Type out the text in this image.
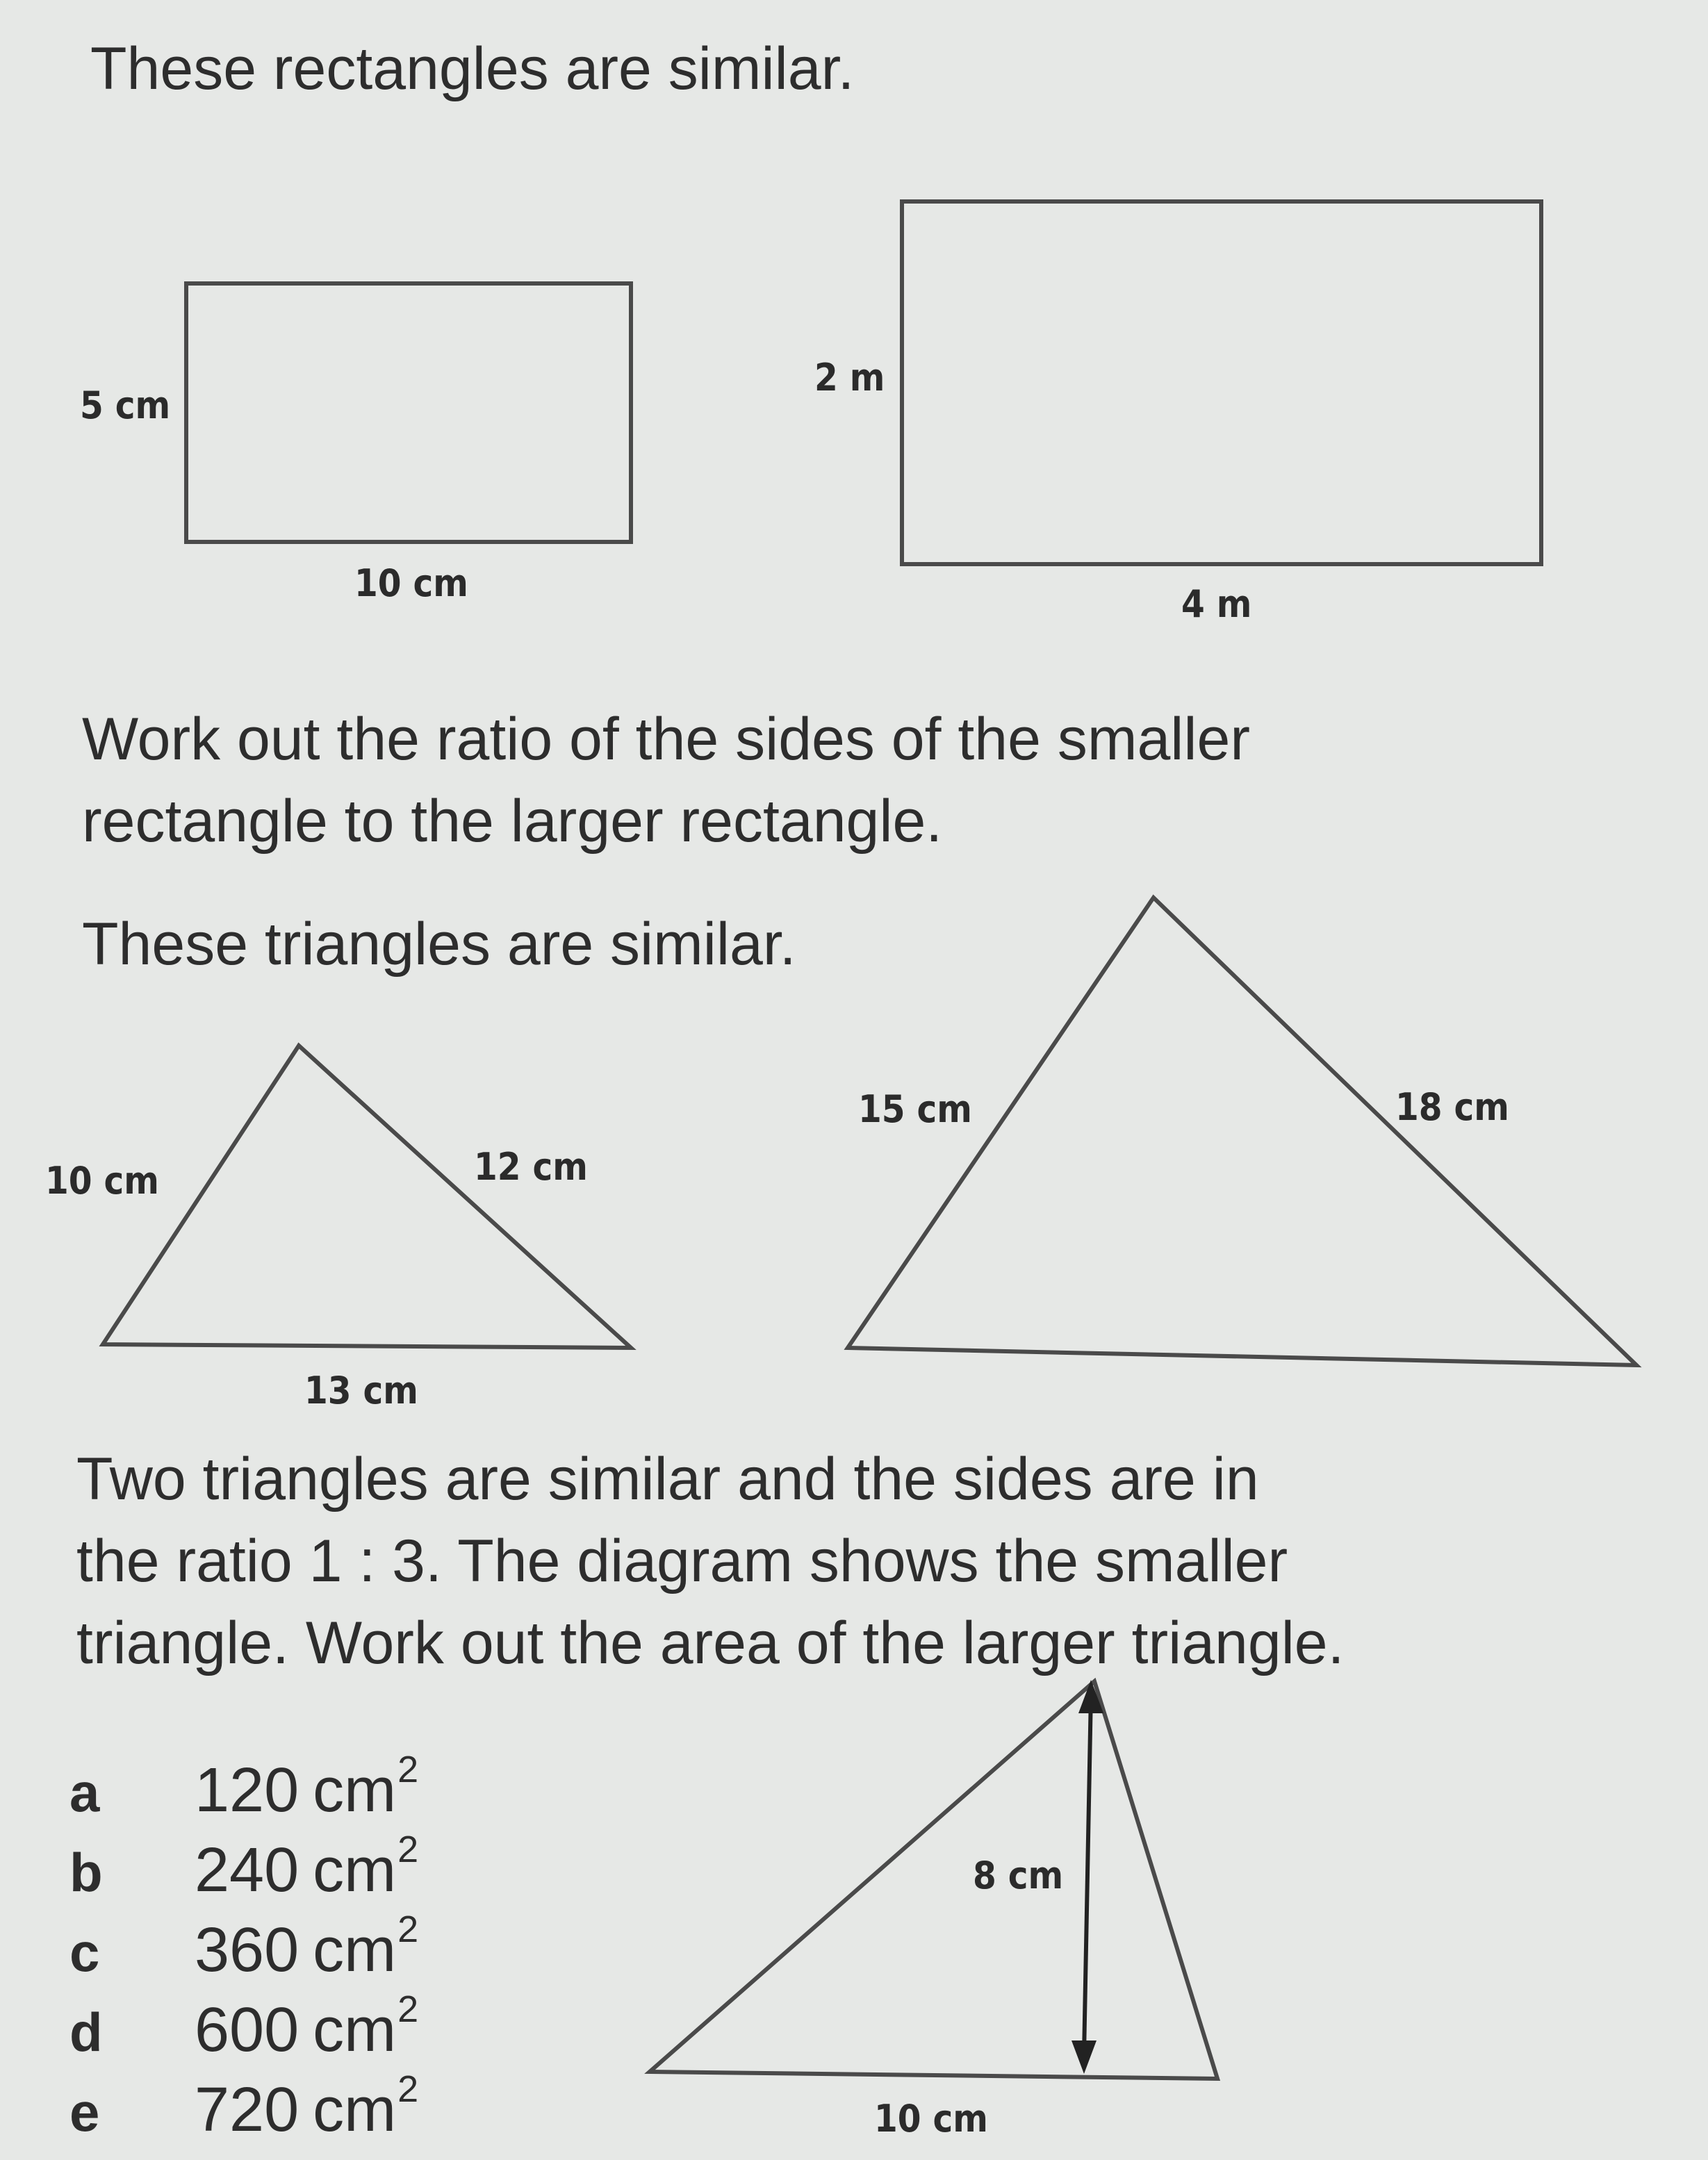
These rectangles are similar.

5 cm
10 cm
2 m
4 m

Work out the ratio of the sides of the smaller
rectangle to the larger rectangle.

These triangles are similar.

10 cm	12 cm
13 cm
15 cm	18 cm

Two triangles are similar and the sides are in
the ratio 1 : 3. The diagram shows the smaller
triangle. Work out the area of the larger triangle.

a 120 $cm^2$
b 240 $cm^2$
c 360 $cm^2$
d 600 $cm^2$
e 720 $cm^2$
8 cm
10 cm
